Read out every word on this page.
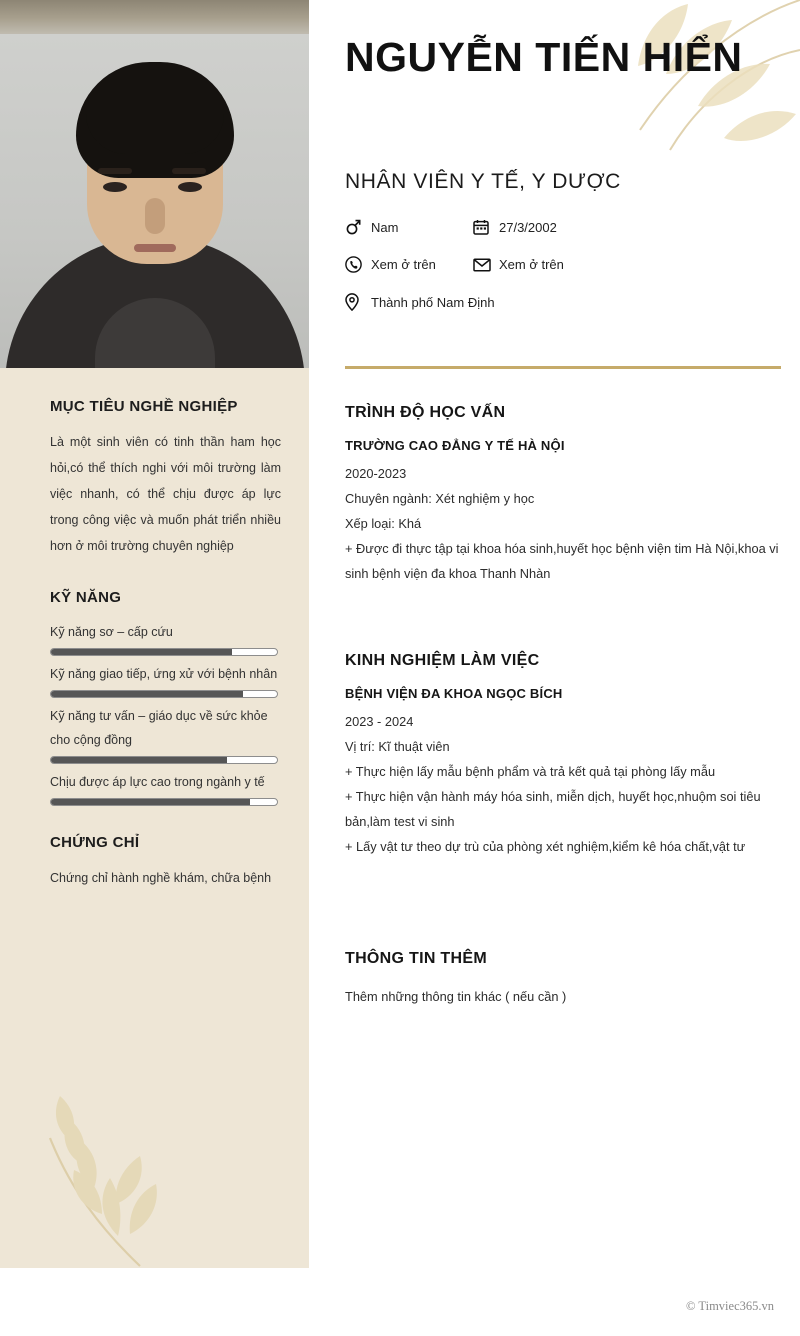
MỤC TIÊU NGHỀ NGHIỆP
Là một sinh viên có tinh thần ham học hỏi,có thể thích nghi với môi trường làm việc nhanh, có thể chịu được áp lực trong công việc và muốn phát triển nhiều hơn ở môi trường chuyên nghiệp
KỸ NĂNG
Kỹ năng sơ – cấp cứu
Kỹ năng giao tiếp, ứng xử với bệnh nhân
Kỹ năng tư vấn – giáo dục về sức khỏe cho cộng đồng
Chịu được áp lực cao trong ngành y tế
CHỨNG CHỈ
Chứng chỉ hành nghề khám, chữa bệnh
NGUYỄN TIẾN HIỂN
NHÂN VIÊN Y TẾ, Y DƯỢC
Nam	27/3/2002
Xem ở trên	Xem ở trên
Thành phố Nam Định
TRÌNH ĐỘ HỌC VẤN
TRƯỜNG CAO ĐẲNG Y TẾ HÀ NỘI

2020-2023

Chuyên ngành: Xét nghiệm y học

Xếp loại: Khá

+ Được đi thực tập tại khoa hóa sinh,huyết học bệnh viện tim Hà Nội,khoa vi sinh bệnh viện đa khoa Thanh Nhàn

KINH NGHIỆM LÀM VIỆC
BỆNH VIỆN ĐA KHOA NGỌC BÍCH

2023 - 2024

Vị trí: Kĩ thuật viên

+ Thực hiện lấy mẫu bệnh phẩm và trả kết quả tại phòng lấy mẫu

+ Thực hiện vận hành máy hóa sinh, miễn dịch, huyết học,nhuộm soi tiêu bản,làm test vi sinh

+ Lấy vật tư theo dự trù của phòng xét nghiệm,kiểm kê hóa chất,vật tư

THÔNG TIN THÊM

Thêm những thông tin khác ( nếu cần )

© Timviec365.vn
